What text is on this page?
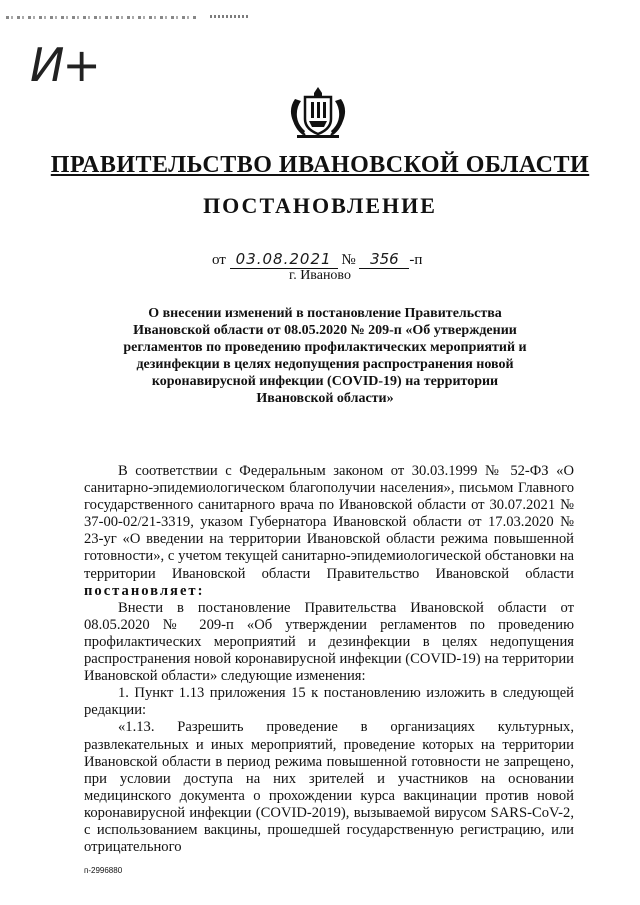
И+
ПРАВИТЕЛЬСТВО ИВАНОВСКОЙ ОБЛАСТИ
ПОСТАНОВЛЕНИЕ
от 03.08.2021 № 356 -п
г. Иваново
О внесении изменений в постановление Правительства Ивановской области от 08.05.2020 № 209-п «Об утверждении регламентов по проведению профилактических мероприятий и дезинфекции в целях недопущения распространения новой коронавирусной инфекции (COVID-19) на территории Ивановской области»

В соответствии с Федеральным законом от 30.03.1999 № 52-ФЗ «О санитарно-эпидемиологическом благополучии населения», письмом Главного государственного санитарного врача по Ивановской области от 30.07.2021 № 37-00-02/21-3319, указом Губернатора Ивановской области от 17.03.2020 № 23-уг «О введении на территории Ивановской области режима повышенной готовности», с учетом текущей санитарно-эпидемиологической обстановки на территории Ивановской области Правительство Ивановской области постановляет:

Внести в постановление Правительства Ивановской области от 08.05.2020 № 209-п «Об утверждении регламентов по проведению профилактических мероприятий и дезинфекции в целях недопущения распространения новой коронавирусной инфекции (COVID-19) на территории Ивановской области» следующие изменения:

1. Пункт 1.13 приложения 15 к постановлению изложить в следующей редакции:

«1.13. Разрешить проведение в организациях культурных, развлекательных и иных мероприятий, проведение которых на территории Ивановской области в период режима повышенной готовности не запрещено, при условии доступа на них зрителей и участников на основании медицинского документа о прохождении курса вакцинации против новой коронавирусной инфекции (COVID-2019), вызываемой вирусом SARS-CoV-2, с использованием вакцины, прошедшей государственную регистрацию, или отрицательного

п-2996880
